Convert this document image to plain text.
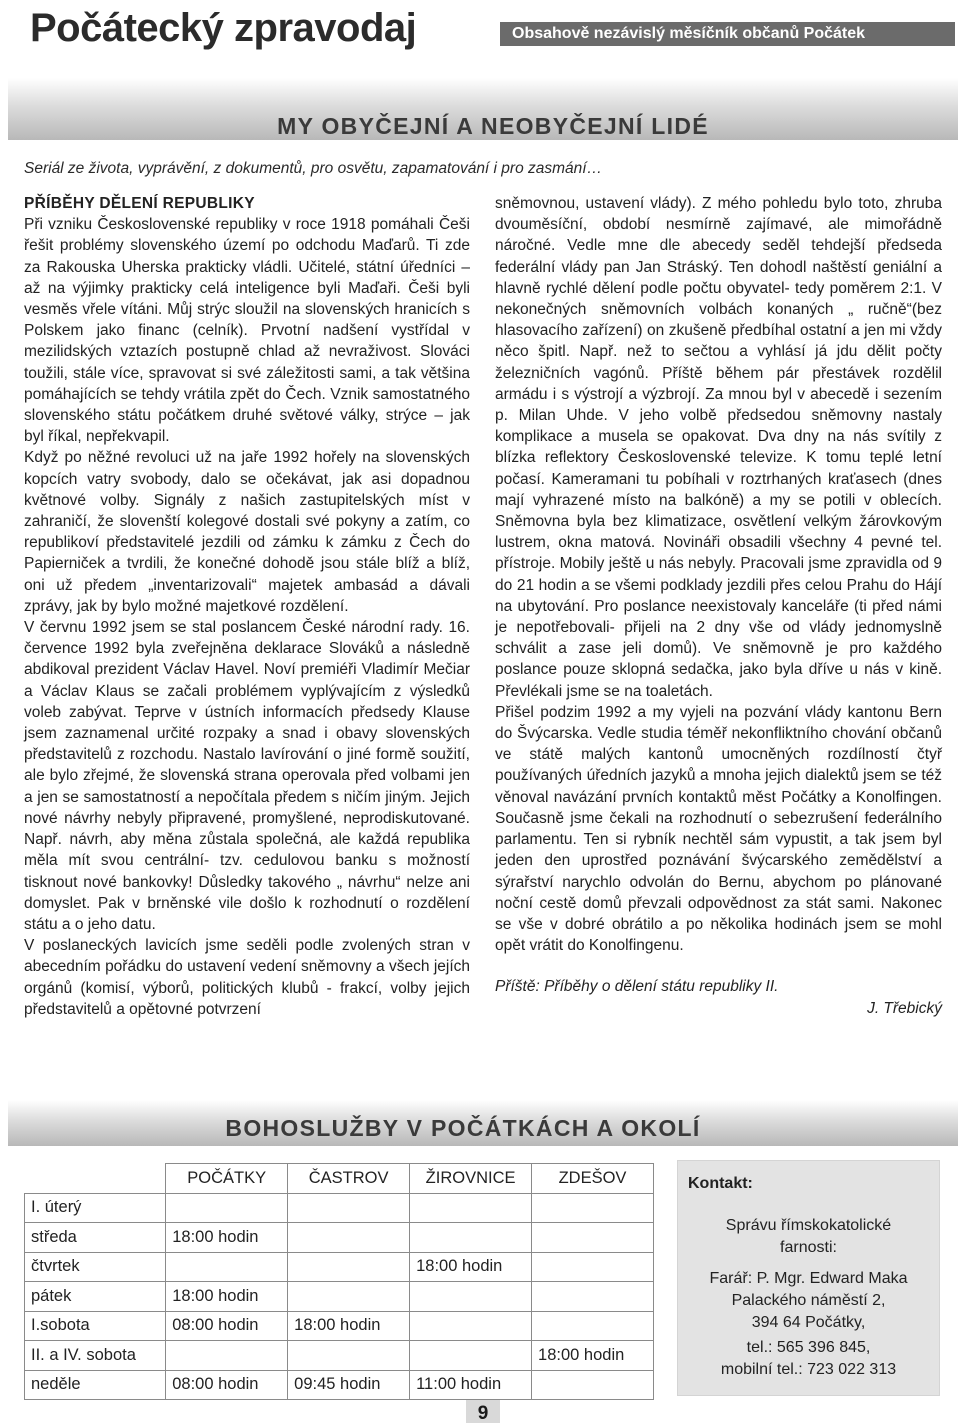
Počátecký zpravodaj	Obsahově nezávislý měsíčník občanů Počátek
MY OBYČEJNÍ A NEOBYČEJNÍ LIDÉ
Seriál ze života, vyprávění, z dokumentů, pro osvětu, zapamatování i pro zasmání…

PŘÍBĚHY DĚLENÍ REPUBLIKY

Při vzniku Československé republiky v roce 1918 pomáhali Češi řešit problémy slovenského území po odchodu Maďarů. Ti zde za Rakouska Uherska prakticky vládli. Učitelé, státní úředníci – až na výjimky prakticky celá inteligence byli Maďaři. Češi byli vesměs vřele vítáni. Můj strýc sloužil na slovenských hranicích s Polskem jako financ (celník). Prvotní nadšení vystřídal v mezilidských vztazích postupně chlad až nevraživost. Slováci toužili, stále více, spravovat si své záležitosti sami, a tak většina pomáhajících se tehdy vrátila zpět do Čech. Vznik samostatného slovenského státu počátkem druhé světové války, strýce – jak byl říkal, nepřekvapil.

Když po něžné revoluci už na jaře 1992 hořely na slovenských kopcích vatry svobody, dalo se očekávat, jak asi dopadnou květnové volby. Signály z našich zastupitelských míst v zahraničí, že slovenští kolegové dostali své pokyny a zatím, co republikoví představitelé jezdili od zámku k zámku z Čech do Papierniček a tvrdili, že konečné dohodě jsou stále blíž a blíž, oni už předem „inventarizovali“ majetek ambasád a dávali zprávy, jak by bylo možné majetkové rozdělení.

V červnu 1992 jsem se stal poslancem České národní rady. 16. července 1992 byla zveřejněna deklarace Slováků a následně abdikoval prezident Václav Havel. Noví premiéři Vladimír Mečiar a Václav Klaus se začali problémem vyplývajícím z výsledků voleb zabývat. Teprve v ústních informacích předsedy Klause jsem zaznamenal určité rozpaky a snad i obavy slovenských představitelů z rozchodu. Nastalo lavírování o jiné formě soužití, ale bylo zřejmé, že slovenská strana operovala před volbami jen a jen se samostatností a nepočítala předem s ničím jiným. Jejich nové návrhy nebyly připravené, promyšlené, neprodiskutované. Např. návrh, aby měna zůstala společná, ale každá republika měla mít svou centrální- tzv. cedulovou banku s možností tisknout nové bankovky! Důsledky takového „ návrhu“ nelze ani domyslet. Pak v brněnské vile došlo k rozhodnutí o rozdělení státu a o jeho datu.

V poslaneckých lavicích jsme seděli podle zvolených stran v abecedním pořádku do ustavení vedení sněmovny a všech jejích orgánů (komisí, výborů, politických klubů - frakcí, volby jejich představitelů a opětovné potvrzení

sněmovnou, ustavení vlády). Z mého pohledu bylo toto, zhruba dvouměsíční, období nesmírně zajímavé, ale mimořádně náročné. Vedle mne dle abecedy seděl tehdejší předseda federální vlády pan Jan Stráský. Ten dohodl naštěstí geniální a hlavně rychlé dělení podle počtu obyvatel- tedy poměrem 2:1. V nekonečných sněmovních volbách konaných „ ručně“(bez hlasovacího zařízení) on zkušeně předbíhal ostatní a jen mi vždy něco špitl. Např. než to sečtou a vyhlásí já jdu dělit počty železničních vagónů. Příště během pár přestávek rozdělil armádu i s výstrojí a výzbrojí. Za mnou byl v abecedě i sezením p. Milan Uhde. V jeho volbě předsedou sněmovny nastaly komplikace a musela se opakovat. Dva dny na nás svítily z blízka reflektory Československé televize. K tomu teplé letní počasí. Kameramani tu pobíhali v roztrhaných kraťasech (dnes mají vyhrazené místo na balkóně) a my se potili v oblecích. Sněmovna byla bez klimatizace, osvětlení velkým žárovkovým lustrem, okna matová. Novináři obsadili všechny 4 pevné tel. přístroje. Mobily ještě u nás nebyly. Pracovali jsme zpravidla od 9 do 21 hodin a se všemi podklady jezdili přes celou Prahu do Hájí na ubytování. Pro poslance neexistovaly kanceláře (ti před námi je nepotřebovali- přijeli na 2 dny vše od vlády jednomyslně schválit a zase jeli domů). Ve sněmovně je pro každého poslance pouze sklopná sedačka, jako byla dříve u nás v kině. Převlékali jsme se na toaletách.

Přišel podzim 1992 a my vyjeli na pozvání vlády kantonu Bern do Švýcarska. Vedle studia téměř nekonfliktního chování občanů ve státě malých kantonů umocněných rozdílností čtyř používaných úředních jazyků a mnoha jejich dialektů jsem se též věnoval navázání prvních kontaktů měst Počátky a Konolfingen. Současně jsme čekali na rozhodnutí o sebezrušení federálního parlamentu. Ten si rybník nechtěl sám vypustit, a tak jsem byl jeden den uprostřed poznávání švýcarského zemědělství a sýrařství narychlo odvolán do Bernu, abychom po plánované noční cestě domů převzali odpovědnost za stát sami. Nakonec se vše v dobré obrátilo a po několika hodinách jsem se mohl opět vrátit do Konolfingenu.

Příště: Příběhy o dělení státu republiky II.

J. Třebický

BOHOSLUŽBY V POČÁTKÁCH A OKOLÍ
	POČÁTKY	ČASTROV	ŽIROVNICE	ZDEŠOV
I. úterý				
středa	18:00 hodin			
čtvrtek			18:00 hodin	
pátek	18:00 hodin			
I.sobota	08:00 hodin	18:00 hodin		
II. a IV. sobota				18:00 hodin
neděle	08:00 hodin	09:45 hodin	11:00 hodin	
Kontakt:
Správu římskokatolické
farnosti:
Farář: P. Mgr. Edward Maka
Palackého náměstí 2,
394 64 Počátky,
tel.: 565 396 845,
mobilní tel.: 723 022 313
9
